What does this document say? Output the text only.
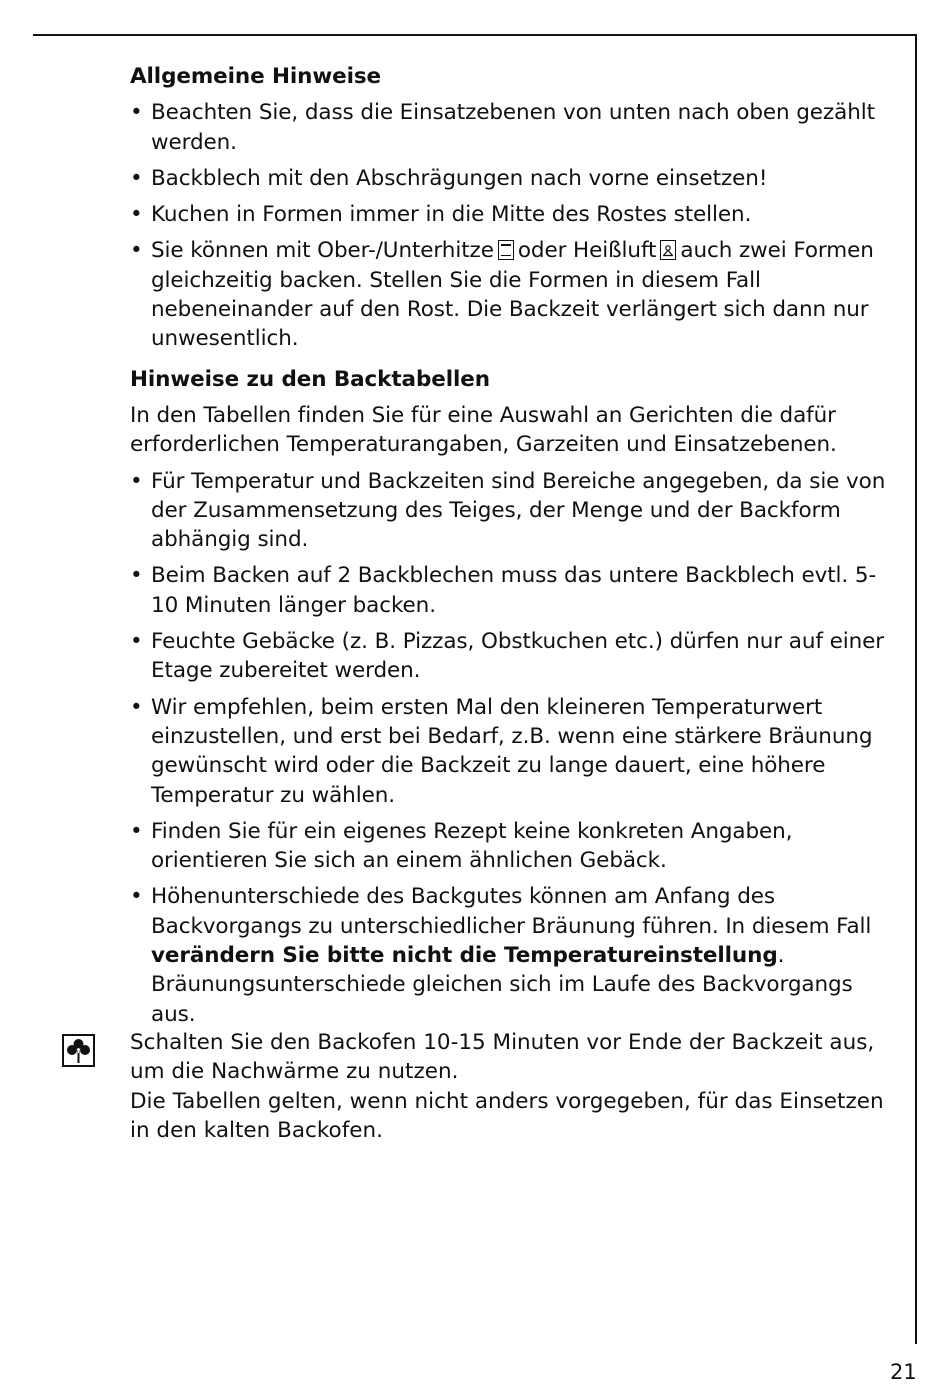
Allgemeine Hinweise
• Beachten Sie, dass die Einsatzebenen von unten nach oben gezählt werden.
• Backblech mit den Abschrägungen nach vorne einsetzen!
• Kuchen in Formen immer in die Mitte des Rostes stellen.
• Sie können mit Ober-/Unterhitze oder Heißluft auch zwei Formen gleichzeitig backen. Stellen Sie die Formen in diesem Fall nebeneinander auf den Rost. Die Backzeit verlängert sich dann nur unwesentlich.
Hinweise zu den Backtabellen

In den Tabellen finden Sie für eine Auswahl an Gerichten die dafür erforderlichen Temperaturangaben, Garzeiten und Einsatzebenen.

• Für Temperatur und Backzeiten sind Bereiche angegeben, da sie von der Zusammensetzung des Teiges, der Menge und der Backform abhängig sind.
• Beim Backen auf 2 Backblechen muss das untere Backblech evtl. 5-10 Minuten länger backen.
• Feuchte Gebäcke (z. B. Pizzas, Obstkuchen etc.) dürfen nur auf einer Etage zubereitet werden.
• Wir empfehlen, beim ersten Mal den kleineren Temperaturwert einzustellen, und erst bei Bedarf, z.B. wenn eine stärkere Bräunung gewünscht wird oder die Backzeit zu lange dauert, eine höhere Temperatur zu wählen.
• Finden Sie für ein eigenes Rezept keine konkreten Angaben, orientieren Sie sich an einem ähnlichen Gebäck.
• Höhenunterschiede des Backgutes können am Anfang des Backvorgangs zu unterschiedlicher Bräunung führen. In diesem Fall verändern Sie bitte nicht die Temperatureinstellung. Bräunungsunterschiede gleichen sich im Laufe des Backvorgangs aus.

Schalten Sie den Backofen 10-15 Minuten vor Ende der Backzeit aus, um die Nachwärme zu nutzen.

Die Tabellen gelten, wenn nicht anders vorgegeben, für das Einsetzen in den kalten Backofen.

21
